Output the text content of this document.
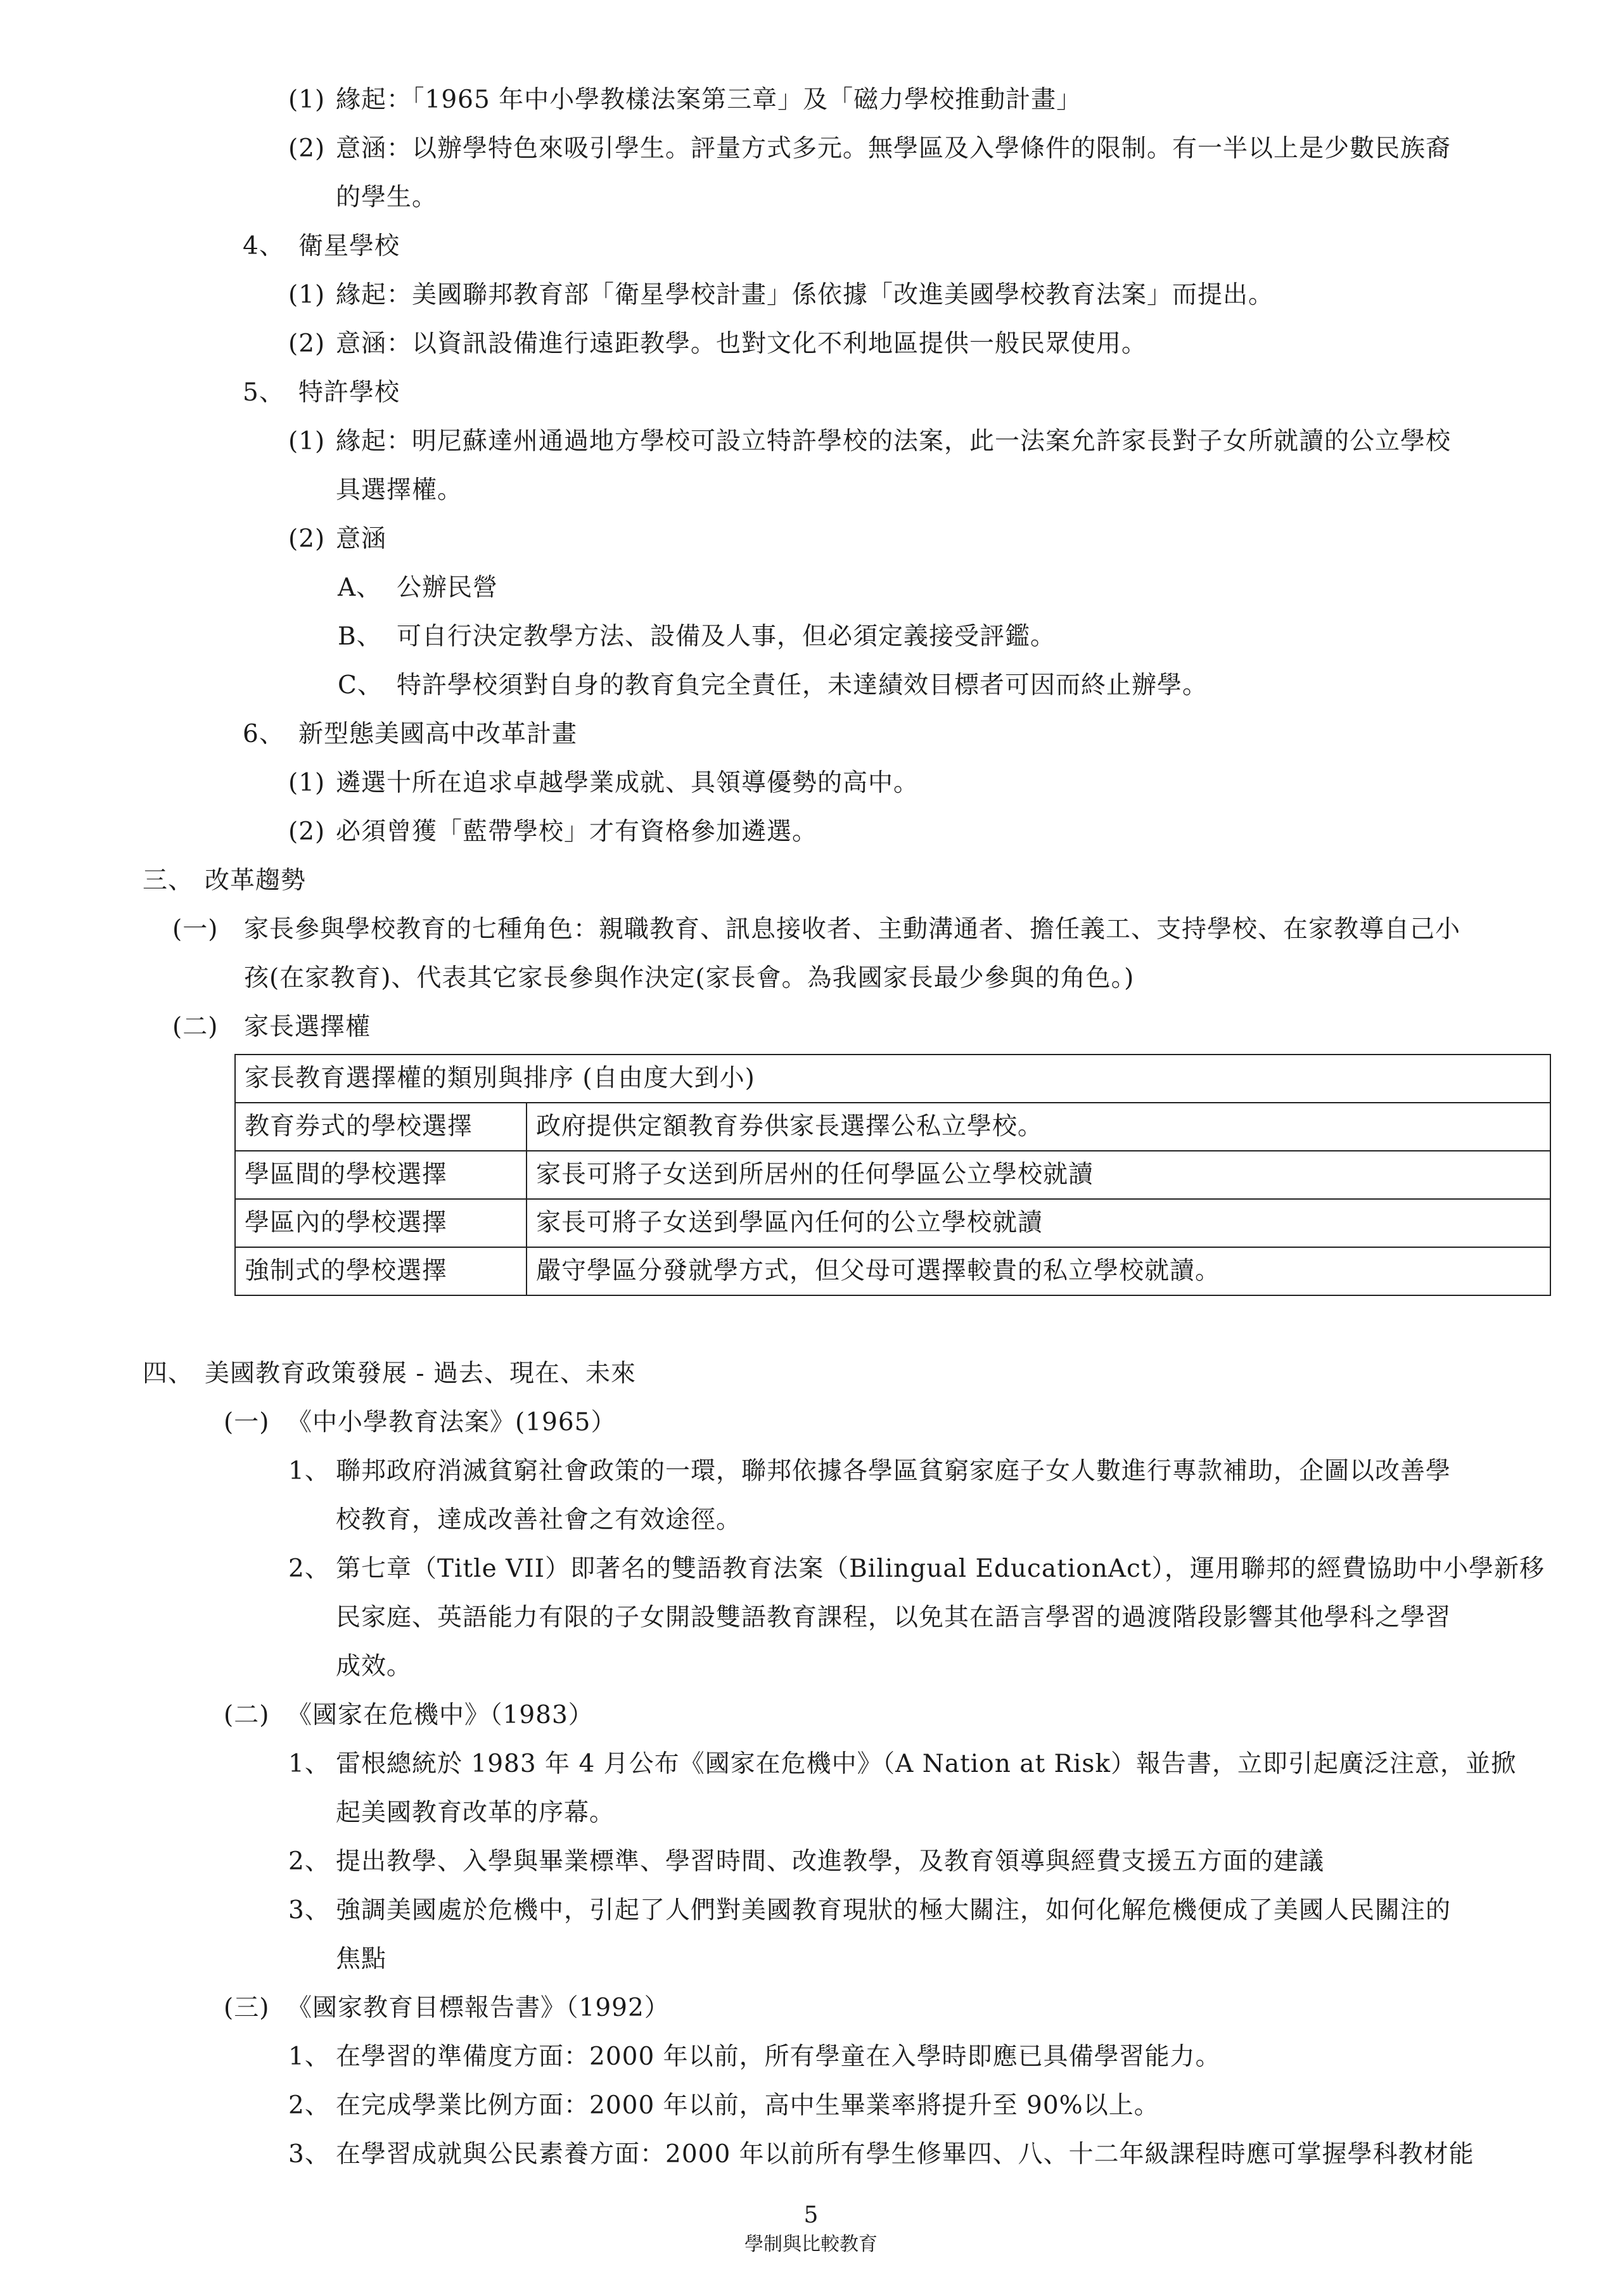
(1) 緣起：「1965 年中小學教樣法案第三章」及「磁力學校推動計畫」
(2) 意涵：以辦學特色來吸引學生。評量方式多元。無學區及入學條件的限制。有一半以上是少數民族裔
的學生。
4、 衛星學校
(1) 緣起：美國聯邦教育部「衛星學校計畫」係依據「改進美國學校教育法案」而提出。
(2) 意涵：以資訊設備進行遠距教學。也對文化不利地區提供一般民眾使用。
5、 特許學校
(1) 緣起：明尼蘇達州通過地方學校可設立特許學校的法案，此一法案允許家長對子女所就讀的公立學校
具選擇權。
(2) 意涵
A、 公辦民營
B、 可自行決定教學方法、設備及人事，但必須定義接受評鑑。
C、 特許學校須對自身的教育負完全責任，未達績效目標者可因而終止辦學。
6、 新型態美國高中改革計畫
(1) 遴選十所在追求卓越學業成就、具領導優勢的高中。
(2) 必須曾獲「藍帶學校」才有資格參加遴選。
三、 改革趨勢
(一) 家長參與學校教育的七種角色：親職教育、訊息接收者、主動溝通者、擔任義工、支持學校、在家教導自己小
孩(在家教育)、代表其它家長參與作決定(家長會。為我國家長最少參與的角色。)
(二) 家長選擇權
家長教育選擇權的類別與排序 (自由度大到小)	
教育券式的學校選擇	政府提供定額教育券供家長選擇公私立學校。
學區間的學校選擇	家長可將子女送到所居州的任何學區公立學校就讀
學區內的學校選擇	家長可將子女送到學區內任何的公立學校就讀
強制式的學校選擇	嚴守學區分發就學方式，但父母可選擇較貴的私立學校就讀。
四、 美國教育政策發展 - 過去、現在、未來
(一) 《中小學教育法案》(1965）
1、 聯邦政府消滅貧窮社會政策的一環，聯邦依據各學區貧窮家庭子女人數進行專款補助，企圖以改善學
校教育，達成改善社會之有效途徑。
2、 第七章（Title VII）即著名的雙語教育法案（Bilingual EducationAct），運用聯邦的經費協助中小學新移
民家庭、英語能力有限的子女開設雙語教育課程，以免其在語言學習的過渡階段影響其他學科之學習
成效。
(二) 《國家在危機中》（1983）
1、 雷根總統於 1983 年 4 月公布《國家在危機中》（A Nation at Risk）報告書，立即引起廣泛注意，並掀
起美國教育改革的序幕。
2、 提出教學、入學與畢業標準、學習時間、改進教學，及教育領導與經費支援五方面的建議
3、 強調美國處於危機中，引起了人們對美國教育現狀的極大關注，如何化解危機便成了美國人民關注的
焦點
(三) 《國家教育目標報告書》（1992）
1、 在學習的準備度方面：2000 年以前，所有學童在入學時即應已具備學習能力。
2、 在完成學業比例方面：2000 年以前，高中生畢業率將提升至 90%以上。
3、 在學習成就與公民素養方面：2000 年以前所有學生修畢四、八、十二年級課程時應可掌握學科教材能
5
學制與比較教育
